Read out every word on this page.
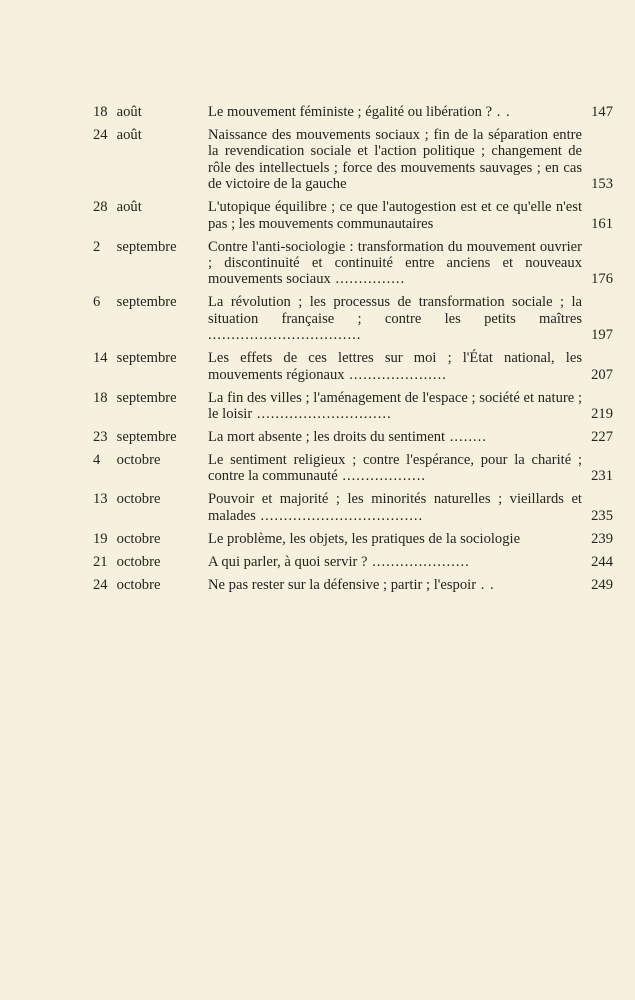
18 août	Le mouvement féministe ; égalité ou libération ? . .	147
24 août	Naissance des mouvements sociaux ; fin de la séparation entre la revendication sociale et l'action politique ; changement de rôle des intellectuels ; force des mouvements sauvages ; en cas de victoire de la gauche	153
28 août	L'utopique équilibre ; ce que l'autogestion est et ce qu'elle n'est pas ; les mouvements communautaires	161
2 septembre	Contre l'anti-sociologie : transformation du mouvement ouvrier ; discontinuité et continuité entre anciens et nouveaux mouvements sociaux ...............	176
6 septembre	La révolution ; les processus de transformation sociale ; la situation française ; contre les petits maîtres .................................	197
14 septembre	Les effets de ces lettres sur moi ; l'État national, les mouvements régionaux .....................	207
18 septembre	La fin des villes ; l'aménagement de l'espace ; société et nature ; le loisir .............................	219
23 septembre	La mort absente ; les droits du sentiment ........	227
4 octobre	Le sentiment religieux ; contre l'espérance, pour la charité ; contre la communauté ..................	231
13 octobre	Pouvoir et majorité ; les minorités naturelles ; vieillards et malades ...................................	235
19 octobre	Le problème, les objets, les pratiques de la sociologie	239
21 octobre	A qui parler, à quoi servir ? .....................	244
24 octobre	Ne pas rester sur la défensive ; partir ; l'espoir . .	249
